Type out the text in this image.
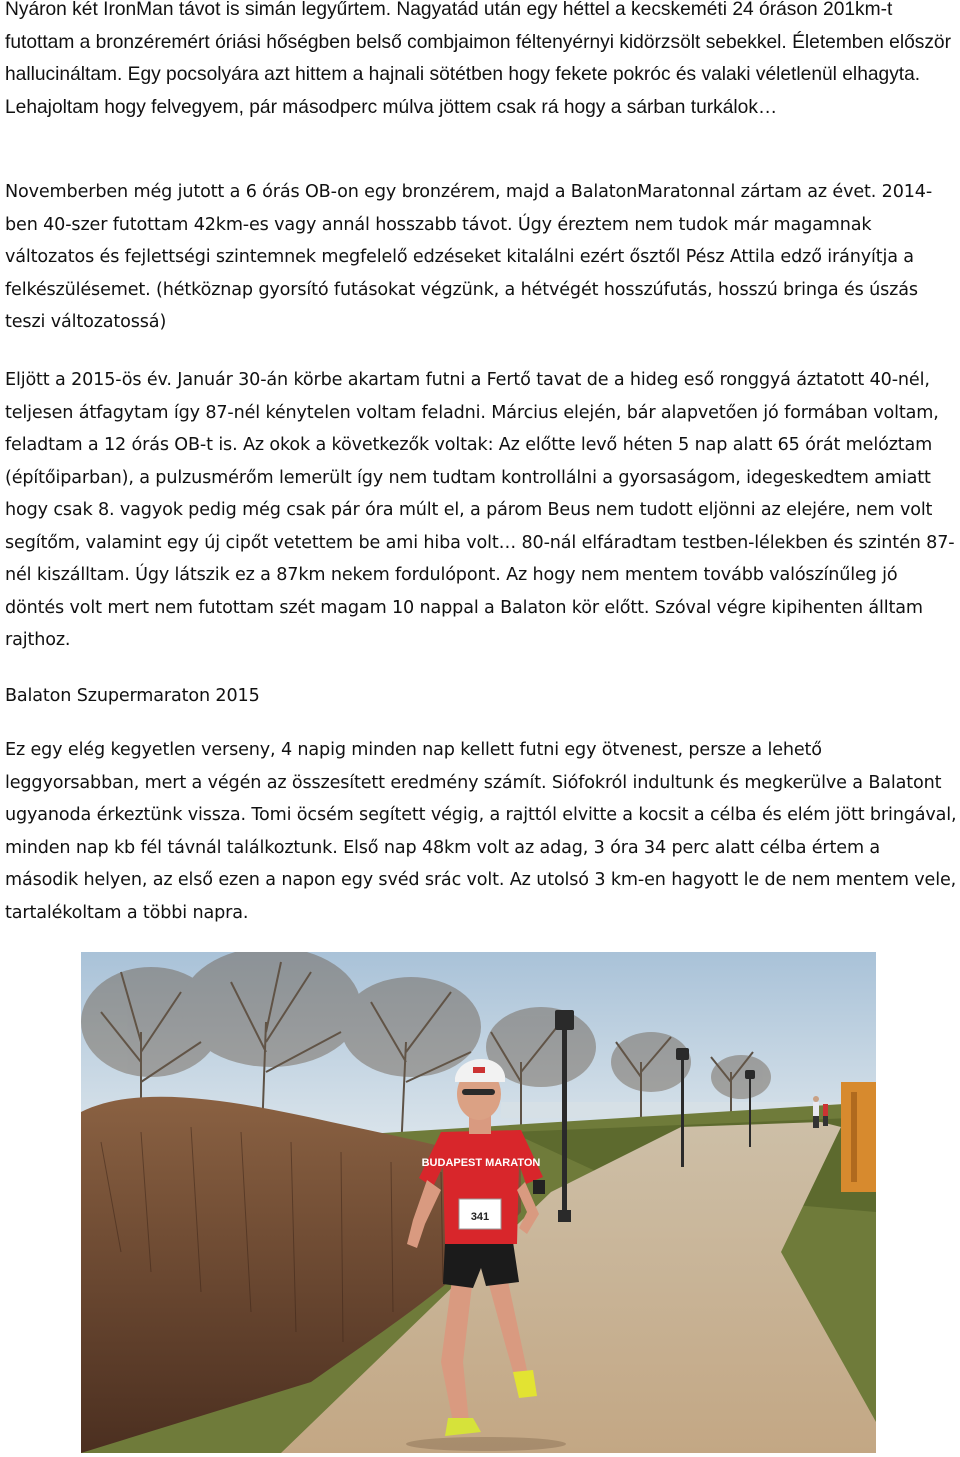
Nyáron két IronMan távot is simán legyűrtem. Nagyatád után egy héttel a kecskeméti 24 óráson 201km-t futottam a bronzéremért óriási hőségben belső combjaimon féltenyérnyi kidörzsölt sebekkel. Életemben először hallucináltam. Egy pocsolyára azt hittem a hajnali sötétben hogy fekete pokróc és valaki véletlenül elhagyta. Lehajoltam hogy felvegyem, pár másodperc múlva jöttem csak rá hogy a sárban turkálok…

Novemberben még jutott a 6 órás OB-on egy bronzérem, majd a BalatonMaratonnal zártam az évet. 2014-ben 40-szer futottam 42km-es vagy annál hosszabb távot. Úgy éreztem nem tudok már magamnak változatos és fejlettségi szintemnek megfelelő edzéseket kitalálni ezért ősztől Pész Attila edző irányítja a felkészülésemet. (hétköznap gyorsító futásokat végzünk, a hétvégét hosszúfutás, hosszú bringa és úszás teszi változatossá)

Eljött a 2015-ös év. Január 30-án körbe akartam futni a Fertő tavat de a hideg eső ronggyá áztatott 40-nél, teljesen átfagytam így 87-nél kénytelen voltam feladni. Március elején, bár alapvetően jó formában voltam, feladtam a 12 órás OB-t is. Az okok a következők voltak: Az előtte levő héten 5 nap alatt 65 órát melóztam (építőiparban), a pulzusmérőm lemerült így nem tudtam kontrollálni a gyorsaságom, idegeskedtem amiatt hogy csak 8. vagyok pedig még csak pár óra múlt el, a párom Beus nem tudott eljönni az elejére, nem volt segítőm, valamint egy új cipőt vetettem be ami hiba volt… 80-nál elfáradtam testben-lélekben és szintén 87-nél kiszálltam. Úgy látszik ez a 87km nekem fordulópont. Az hogy nem mentem tovább valószínűleg jó döntés volt mert nem futottam szét magam 10 nappal a Balaton kör előtt. Szóval végre kipihenten álltam rajthoz.

Balaton Szupermaraton 2015

Ez egy elég kegyetlen verseny, 4 napig minden nap kellett futni egy ötvenest, persze a lehető leggyorsabban, mert a végén az összesített eredmény számít. Siófokról indultunk és megkerülve a Balatont ugyanoda érkeztünk vissza. Tomi öcsém segített végig, a rajttól elvitte a kocsit a célba és elém jött bringával, minden nap kb fél távnál találkoztunk. Első nap 48km volt az adag, 3 óra 34 perc alatt célba értem a második helyen, az első ezen a napon egy svéd srác volt. Az utolsó 3 km-en hagyott le de nem mentem vele, tartalékoltam a többi napra.

BUDAPEST MARATON
341
